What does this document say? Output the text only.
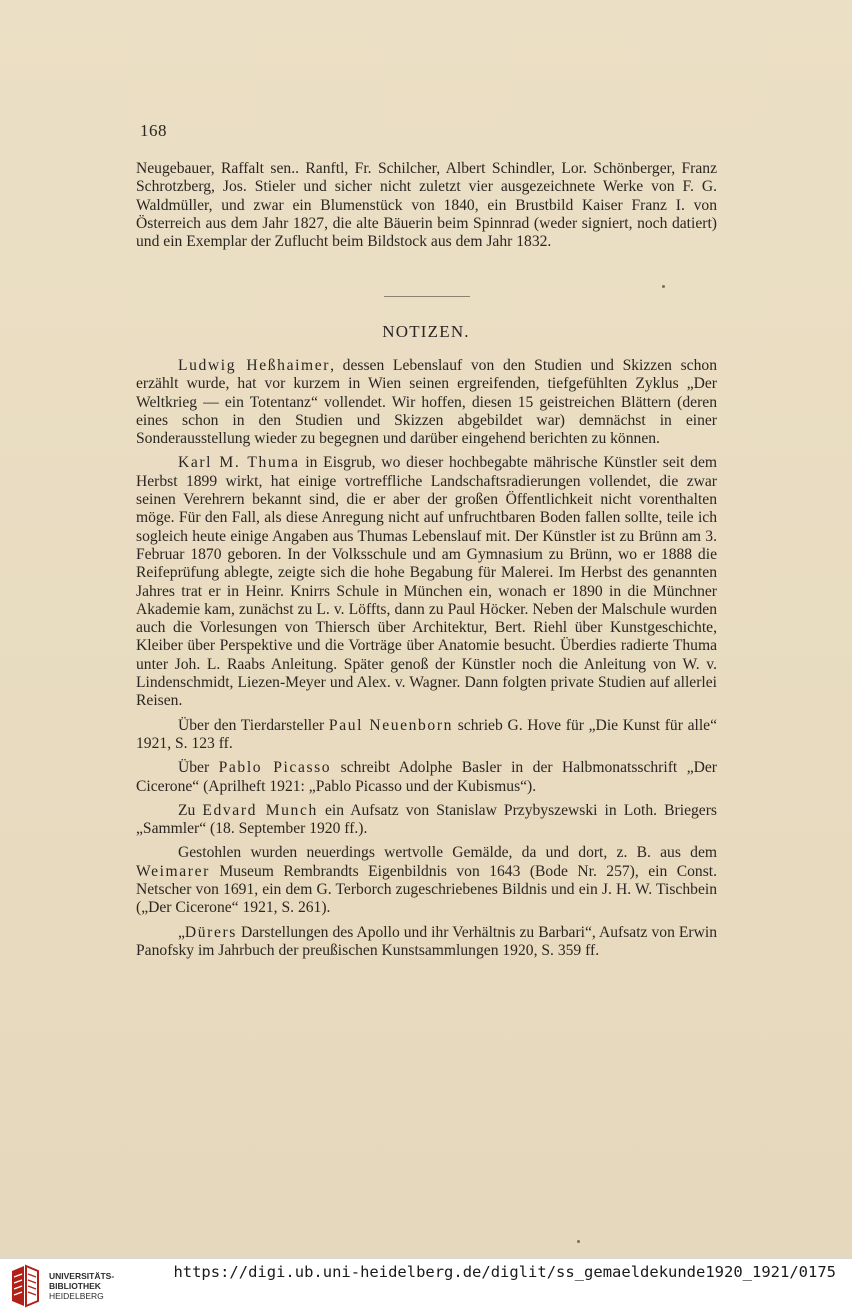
168

Neugebauer, Raffalt sen.. Ranftl, Fr. Schilcher, Albert Schindler, Lor. Schönberger, Franz Schrotzberg, Jos. Stieler und sicher nicht zuletzt vier ausgezeichnete Werke von F. G. Waldmüller, und zwar ein Blumenstück von 1840, ein Brustbild Kaiser Franz I. von Österreich aus dem Jahr 1827, die alte Bäuerin beim Spinnrad (weder signiert, noch datiert) und ein Exemplar der Zuflucht beim Bildstock aus dem Jahr 1832.

NOTIZEN.

Ludwig Heßhaimer, dessen Lebenslauf von den Studien und Skizzen schon erzählt wurde, hat vor kurzem in Wien seinen ergreifenden, tiefgefühlten Zyklus „Der Weltkrieg — ein Totentanz“ vollendet. Wir hoffen, diesen 15 geistreichen Blättern (deren eines schon in den Studien und Skizzen abgebildet war) demnächst in einer Sonderausstellung wieder zu begegnen und darüber eingehend berichten zu können.

Karl M. Thuma in Eisgrub, wo dieser hochbegabte mährische Künstler seit dem Herbst 1899 wirkt, hat einige vortreffliche Landschaftsradierungen vollendet, die zwar seinen Verehrern bekannt sind, die er aber der großen Öffentlichkeit nicht vorenthalten möge. Für den Fall, als diese Anregung nicht auf unfruchtbaren Boden fallen sollte, teile ich sogleich heute einige Angaben aus Thumas Lebenslauf mit. Der Künstler ist zu Brünn am 3. Februar 1870 geboren. In der Volksschule und am Gymnasium zu Brünn, wo er 1888 die Reifeprüfung ablegte, zeigte sich die hohe Begabung für Malerei. Im Herbst des genannten Jahres trat er in Heinr. Knirrs Schule in München ein, wonach er 1890 in die Münchner Akademie kam, zunächst zu L. v. Löffts, dann zu Paul Höcker. Neben der Malschule wurden auch die Vorlesungen von Thiersch über Architektur, Bert. Riehl über Kunstgeschichte, Kleiber über Perspektive und die Vorträge über Anatomie besucht. Überdies radierte Thuma unter Joh. L. Raabs Anleitung. Später genoß der Künstler noch die Anleitung von W. v. Lindenschmidt, Liezen-Meyer und Alex. v. Wagner. Dann folgten private Studien auf allerlei Reisen.

Über den Tierdarsteller Paul Neuenborn schrieb G. Hove für „Die Kunst für alle“ 1921, S. 123 ff.

Über Pablo Picasso schreibt Adolphe Basler in der Halbmonatsschrift „Der Cicerone“ (Aprilheft 1921: „Pablo Picasso und der Kubismus“).

Zu Edvard Munch ein Aufsatz von Stanislaw Przybyszewski in Loth. Briegers „Sammler“ (18. September 1920 ff.).

Gestohlen wurden neuerdings wertvolle Gemälde, da und dort, z. B. aus dem Weimarer Museum Rembrandts Eigenbildnis von 1643 (Bode Nr. 257), ein Const. Netscher von 1691, ein dem G. Terborch zugeschriebenes Bildnis und ein J. H. W. Tischbein („Der Cicerone“ 1921, S. 261).

„Dürers Darstellungen des Apollo und ihr Verhältnis zu Barbari“, Aufsatz von Erwin Panofsky im Jahrbuch der preußischen Kunstsammlungen 1920, S. 359 ff.

UNIVERSITÄTS-
BIBLIOTHEK
HEIDELBERG
https://digi.ub.uni-heidelberg.de/diglit/ss_gemaeldekunde1920_1921/0175
